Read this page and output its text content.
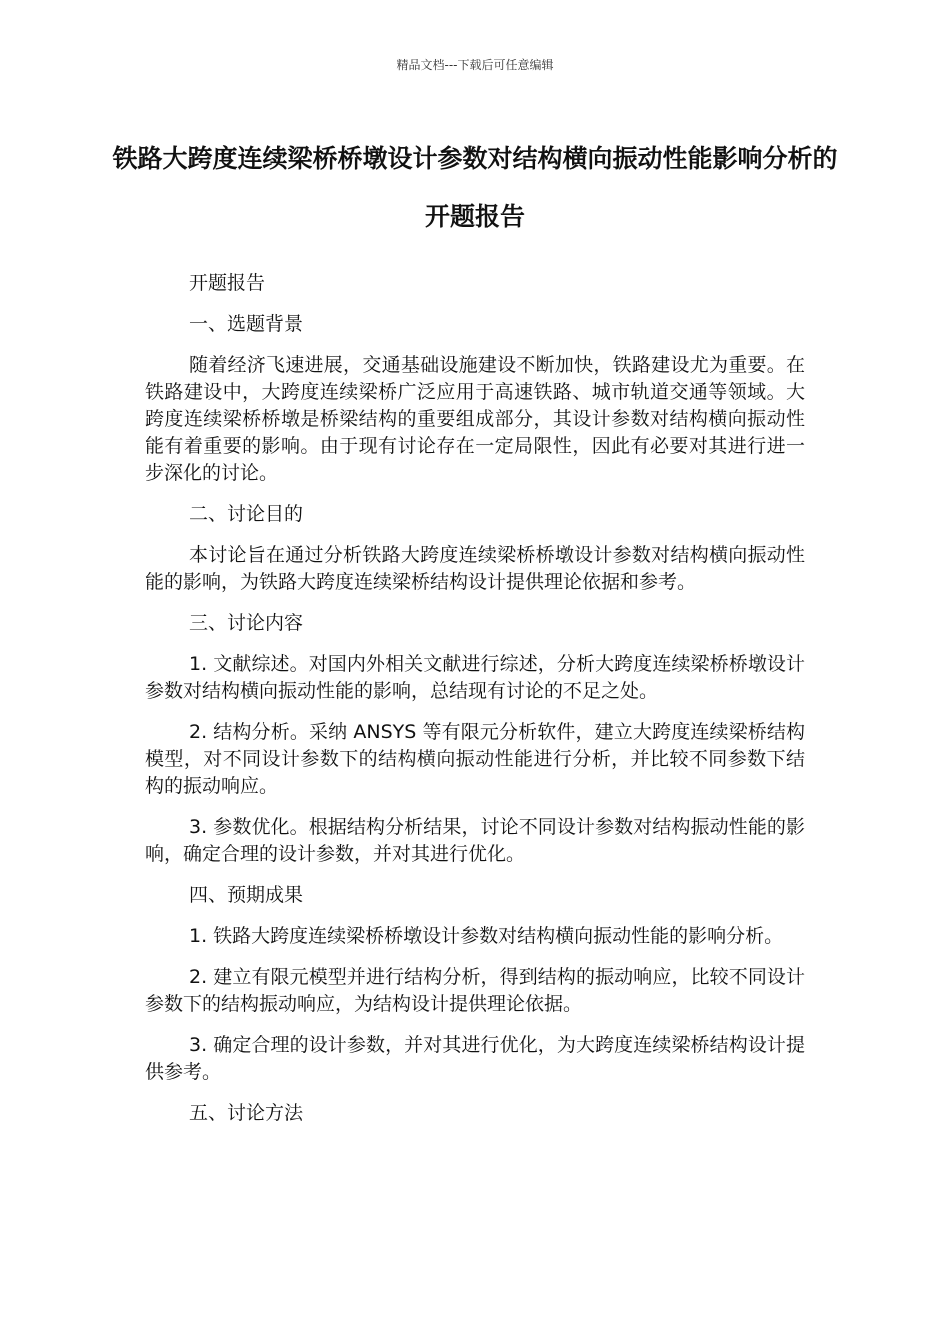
精品文档---下载后可任意编辑
铁路大跨度连续梁桥桥墩设计参数对结构横向振动性能影响分析的开题报告

开题报告

一、选题背景

随着经济飞速进展，交通基础设施建设不断加快，铁路建设尤为重要。在铁路建设中，大跨度连续梁桥广泛应用于高速铁路、城市轨道交通等领域。大跨度连续梁桥桥墩是桥梁结构的重要组成部分，其设计参数对结构横向振动性能有着重要的影响。由于现有讨论存在一定局限性，因此有必要对其进行进一步深化的讨论。

二、讨论目的

本讨论旨在通过分析铁路大跨度连续梁桥桥墩设计参数对结构横向振动性能的影响，为铁路大跨度连续梁桥结构设计提供理论依据和参考。

三、讨论内容

1. 文献综述。对国内外相关文献进行综述，分析大跨度连续梁桥桥墩设计参数对结构横向振动性能的影响，总结现有讨论的不足之处。

2. 结构分析。采纳 ANSYS 等有限元分析软件，建立大跨度连续梁桥结构模型，对不同设计参数下的结构横向振动性能进行分析，并比较不同参数下结构的振动响应。

3. 参数优化。根据结构分析结果，讨论不同设计参数对结构振动性能的影响，确定合理的设计参数，并对其进行优化。

四、预期成果

1. 铁路大跨度连续梁桥桥墩设计参数对结构横向振动性能的影响分析。

2. 建立有限元模型并进行结构分析，得到结构的振动响应，比较不同设计参数下的结构振动响应，为结构设计提供理论依据。

3. 确定合理的设计参数，并对其进行优化，为大跨度连续梁桥结构设计提供参考。

五、讨论方法
